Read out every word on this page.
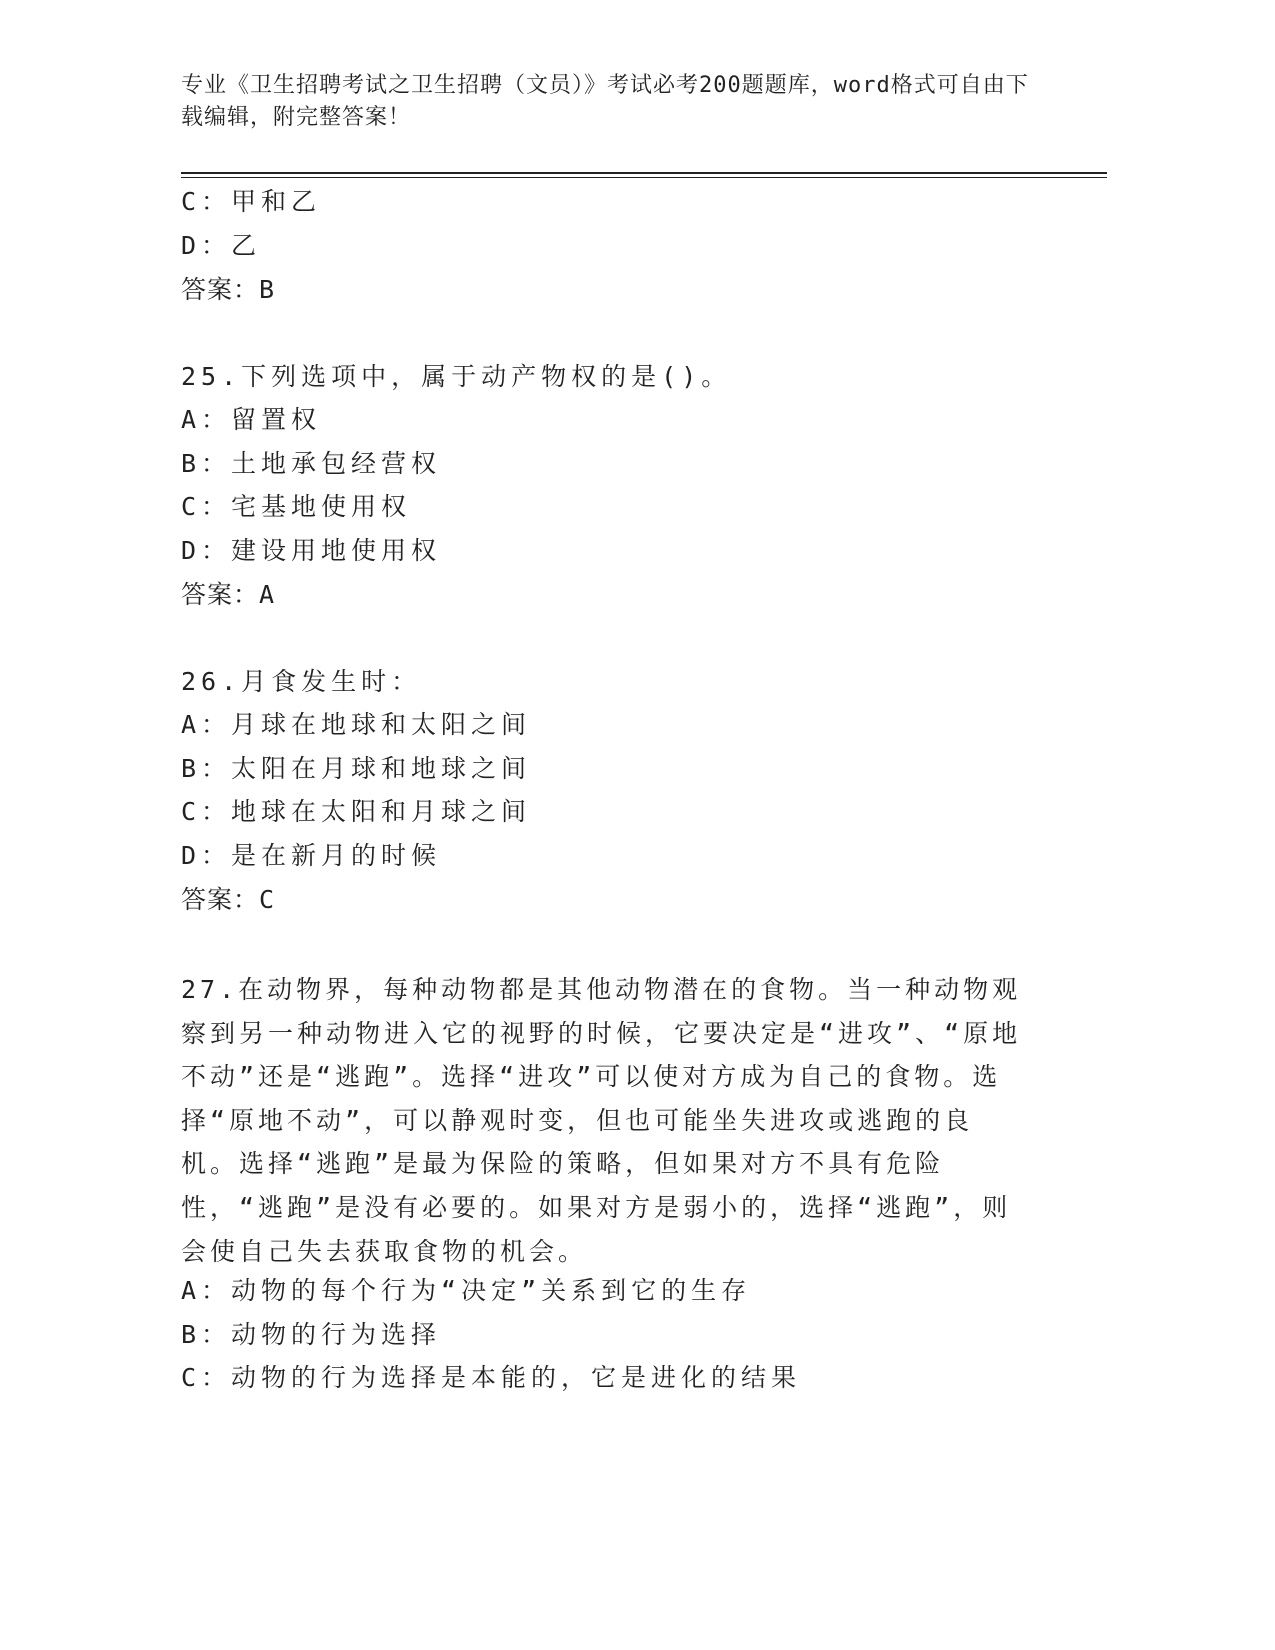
专业《卫生招聘考试之卫生招聘（文员）》考试必考200题题库，word格式可自由下载编辑，附完整答案！
C：甲和乙
D：乙
答案：B
25.下列选项中，属于动产物权的是()。
A：留置权
B：土地承包经营权
C：宅基地使用权
D：建设用地使用权
答案：A
26.月食发生时：
A：月球在地球和太阳之间
B：太阳在月球和地球之间
C：地球在太阳和月球之间
D：是在新月的时候
答案：C
27.在动物界，每种动物都是其他动物潜在的食物。当一种动物观察到另一种动物进入它的视野的时候，它要决定是“进攻”、“原地不动”还是“逃跑”。选择“进攻”可以使对方成为自己的食物。选择“原地不动”，可以静观时变，但也可能坐失进攻或逃跑的良机。选择“逃跑”是最为保险的策略，但如果对方不具有危险性，“逃跑”是没有必要的。如果对方是弱小的，选择“逃跑”，则会使自己失去获取食物的机会。
A：动物的每个行为“决定”关系到它的生存
B：动物的行为选择
C：动物的行为选择是本能的，它是进化的结果
